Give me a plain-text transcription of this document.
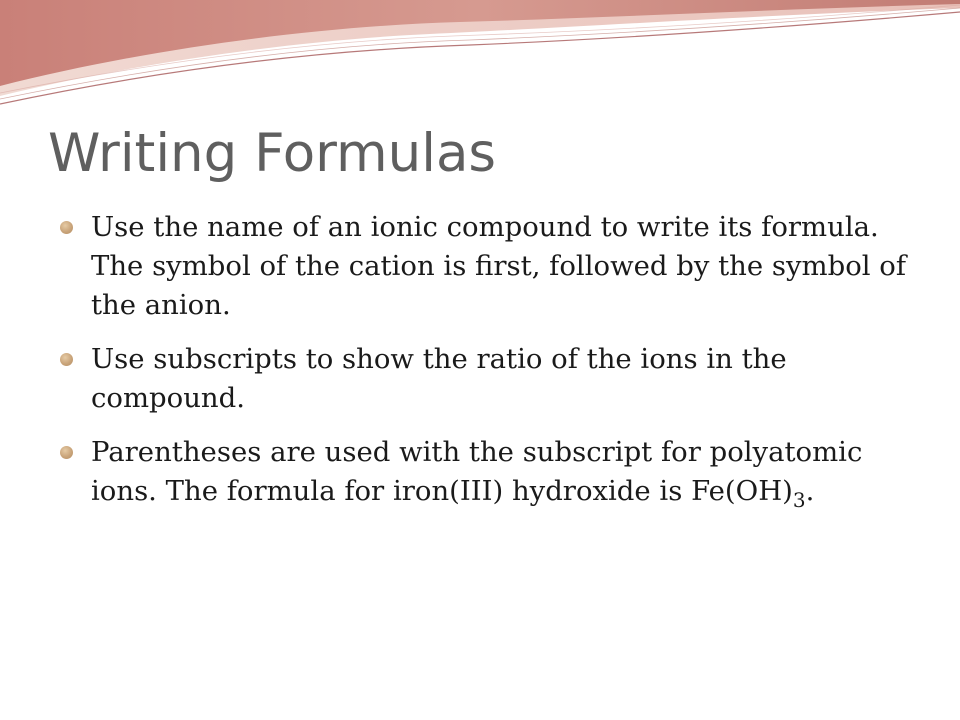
Writing Formulas
Use the name of an ionic compound to write its formula. The symbol of the cation is first, followed by the symbol of the anion.
Use subscripts to show the ratio of the ions in the compound.
Parentheses are used with the subscript for polyatomic ions. The formula for iron(III) hydroxide is $Fe(OH)_3$.
